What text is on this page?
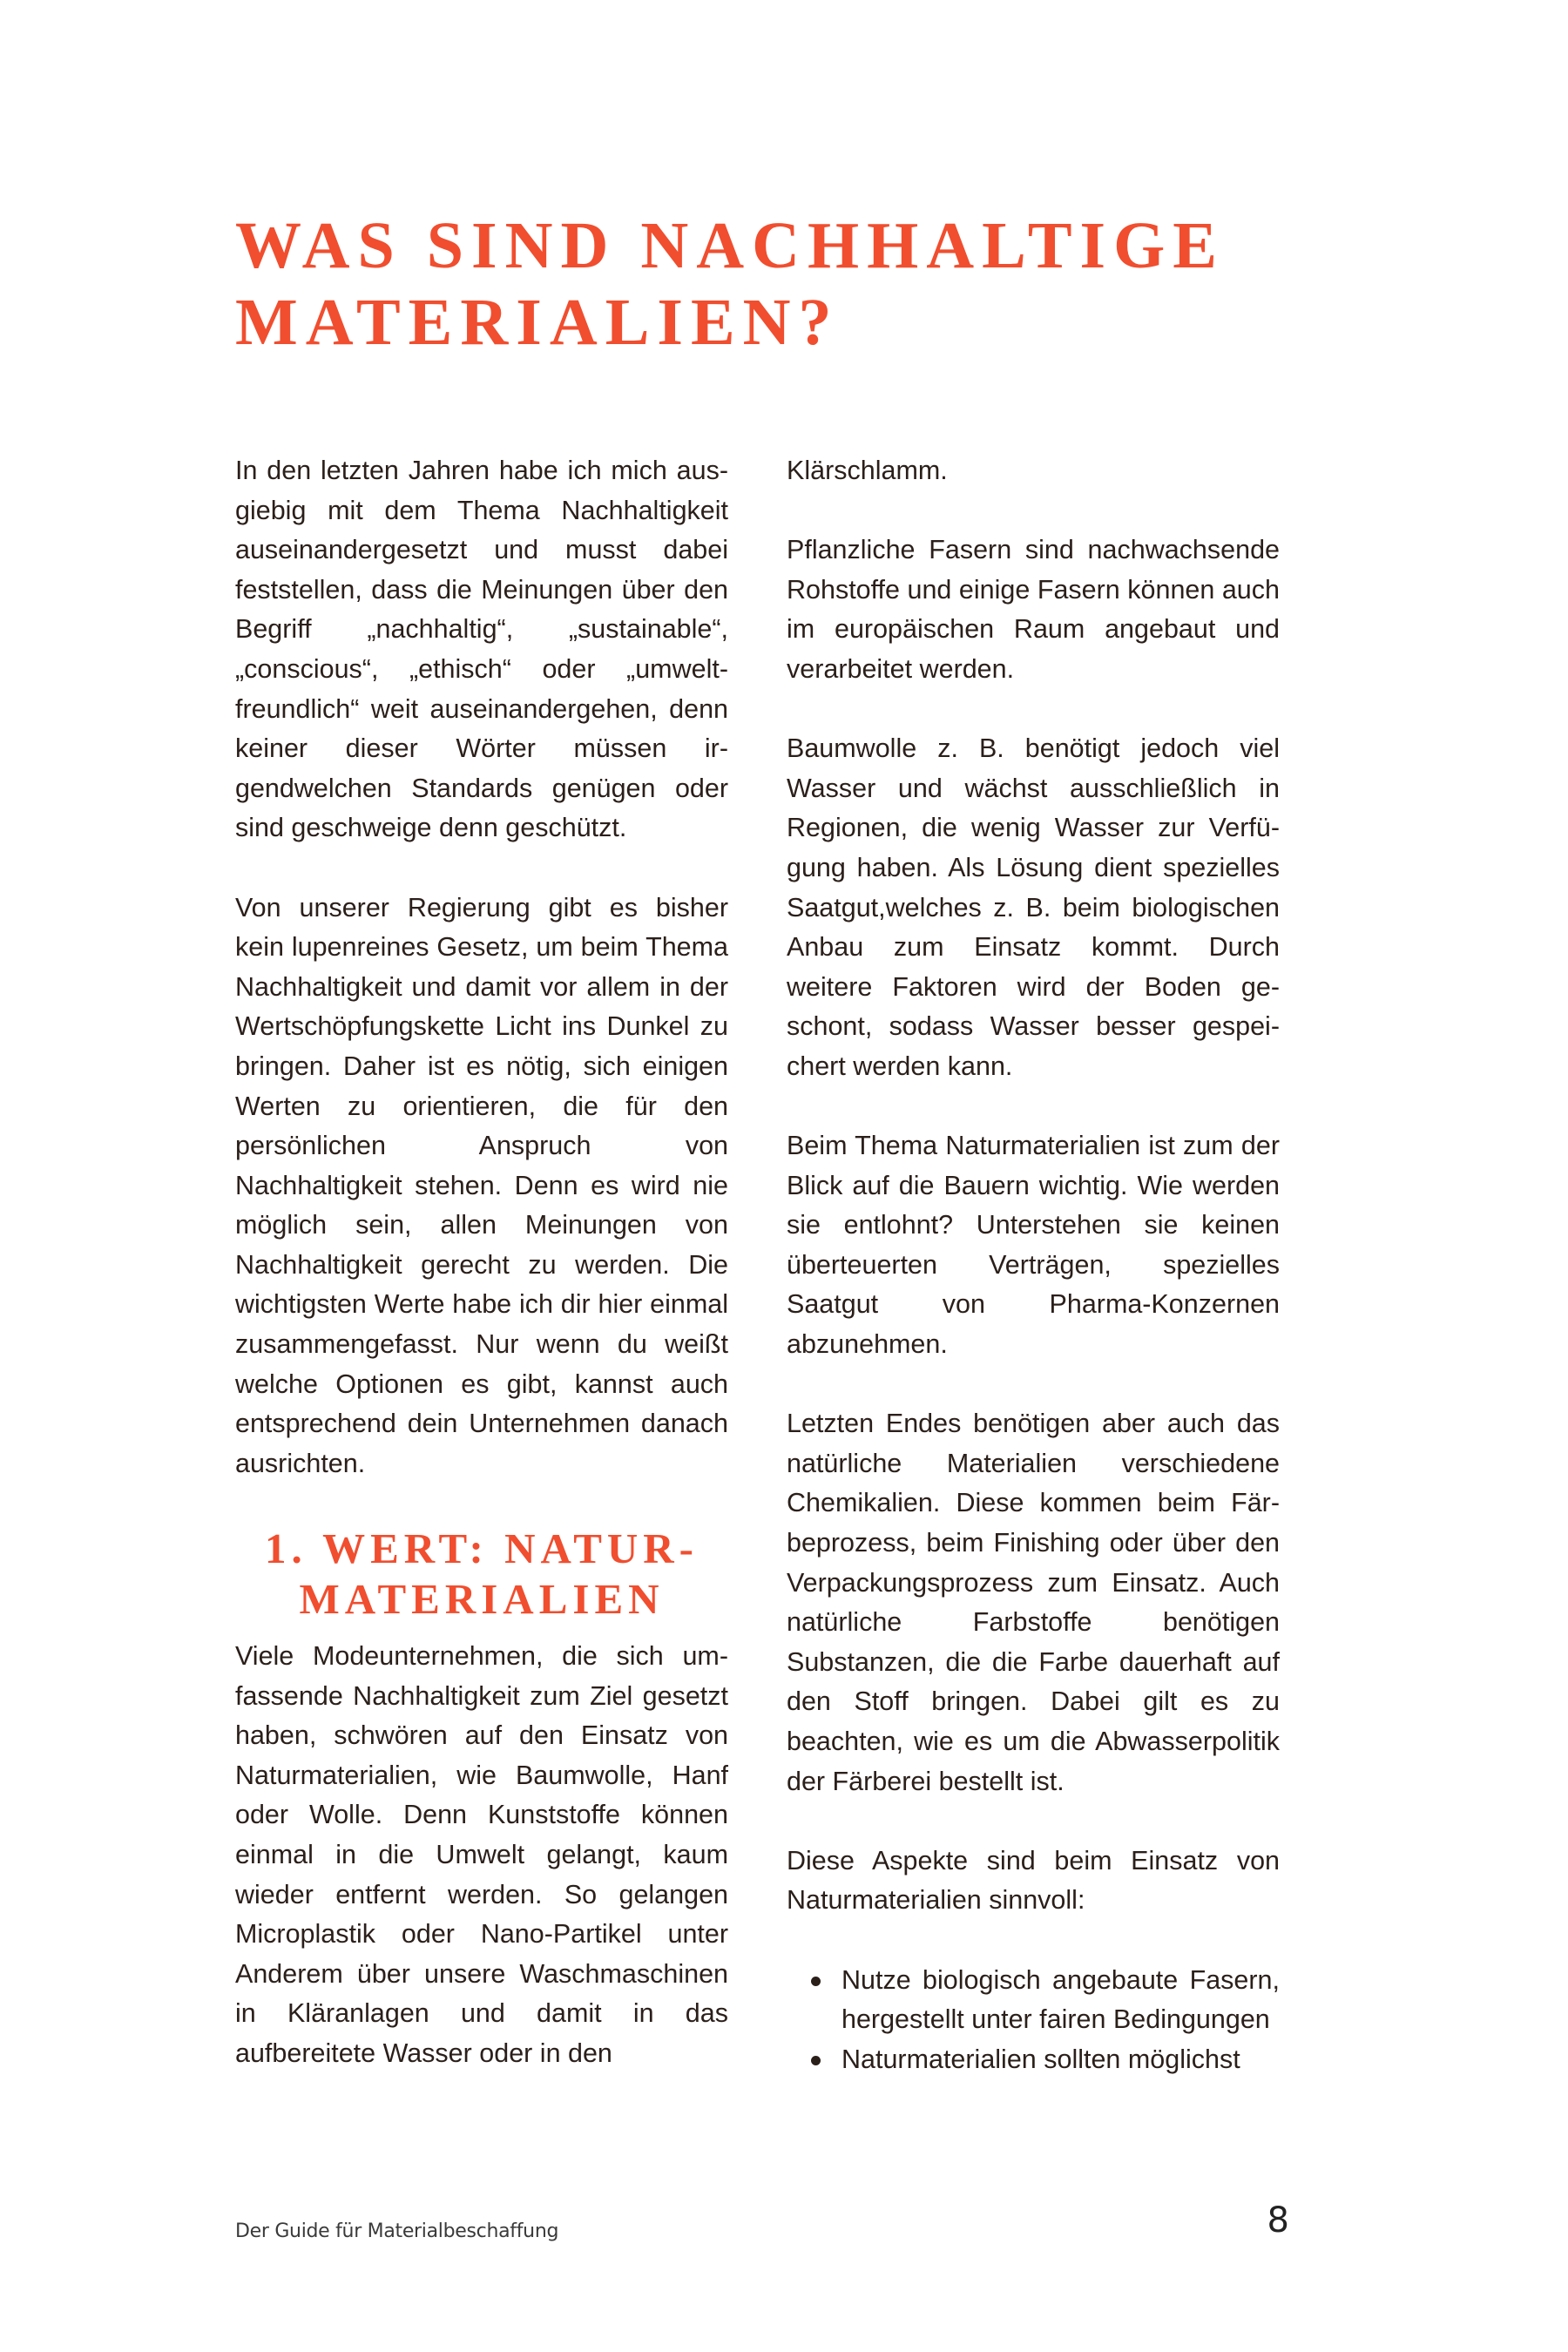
WAS SIND NACHHALTIGE
MATERIALIEN?

In den letzten Jahren habe ich mich ausgiebig mit dem Thema Nachhaltigkeit auseinandergesetzt und musst dabei feststellen, dass die Meinungen über den Begriff „nachhaltig“, „sustainable“, „conscious“, „ethisch“ oder „umweltfreundlich“ weit auseinandergehen, denn keiner dieser Wörter müssen irgendwelchen Standards genügen oder sind geschweige denn geschützt.

Von unserer Regierung gibt es bisher kein lupenreines Gesetz, um beim Thema Nachhaltigkeit und damit vor allem in der Wertschöpfungskette Licht ins Dunkel zu bringen. Daher ist es nötig, sich einigen Werten zu orientieren, die für den persönlichen Anspruch von Nachhaltigkeit stehen. Denn es wird nie möglich sein, allen Meinungen von Nachhaltigkeit gerecht zu werden. Die wichtigsten Werte habe ich dir hier einmal zusammengefasst. Nur wenn du weißt welche Optionen es gibt, kannst auch entsprechend dein Unternehmen danach ausrichten.

1. WERT: NATUR-
MATERIALIEN

Viele Modeunternehmen, die sich umfassende Nachhaltigkeit zum Ziel gesetzt haben, schwören auf den Einsatz von Naturmaterialien, wie Baumwolle, Hanf oder Wolle. Denn Kunststoffe können einmal in die Umwelt gelangt, kaum wieder entfernt werden. So gelangen Microplastik oder Nano-Partikel unter Anderem über unsere Waschmaschinen in Kläranlagen und damit in das aufbereitete Wasser oder in den

Klärschlamm.

Pflanzliche Fasern sind nachwachsende Rohstoffe und einige Fasern können auch im europäischen Raum angebaut und verarbeitet werden.

Baumwolle z. B. benötigt jedoch viel Wasser und wächst ausschließlich in Regionen, die wenig Wasser zur Verfügung haben. Als Lösung dient spezielles Saatgut,welches z. B. beim biologischen Anbau zum Einsatz kommt. Durch weitere Faktoren wird der Boden geschont, sodass Wasser besser gespeichert werden kann.

Beim Thema Naturmaterialien ist zum der Blick auf die Bauern wichtig. Wie werden sie entlohnt? Unterstehen sie keinen überteuerten Verträgen, spezielles Saatgut von Pharma-Konzernen abzunehmen.

Letzten Endes benötigen aber auch das natürliche Materialien verschiedene Chemikalien. Diese kommen beim Färbeprozess, beim Finishing oder über den Verpackungsprozess zum Einsatz. Auch natürliche Farbstoffe benötigen Substanzen, die die Farbe dauerhaft auf den Stoff bringen. Dabei gilt es zu beachten, wie es um die Abwasserpolitik der Färberei bestellt ist.

Diese Aspekte sind beim Einsatz von Naturmaterialien sinnvoll:

Nutze biologisch angebaute Fasern, hergestellt unter fairen Bedingungen
Naturmaterialien sollten möglichst
Der Guide für Materialbeschaffung	8
